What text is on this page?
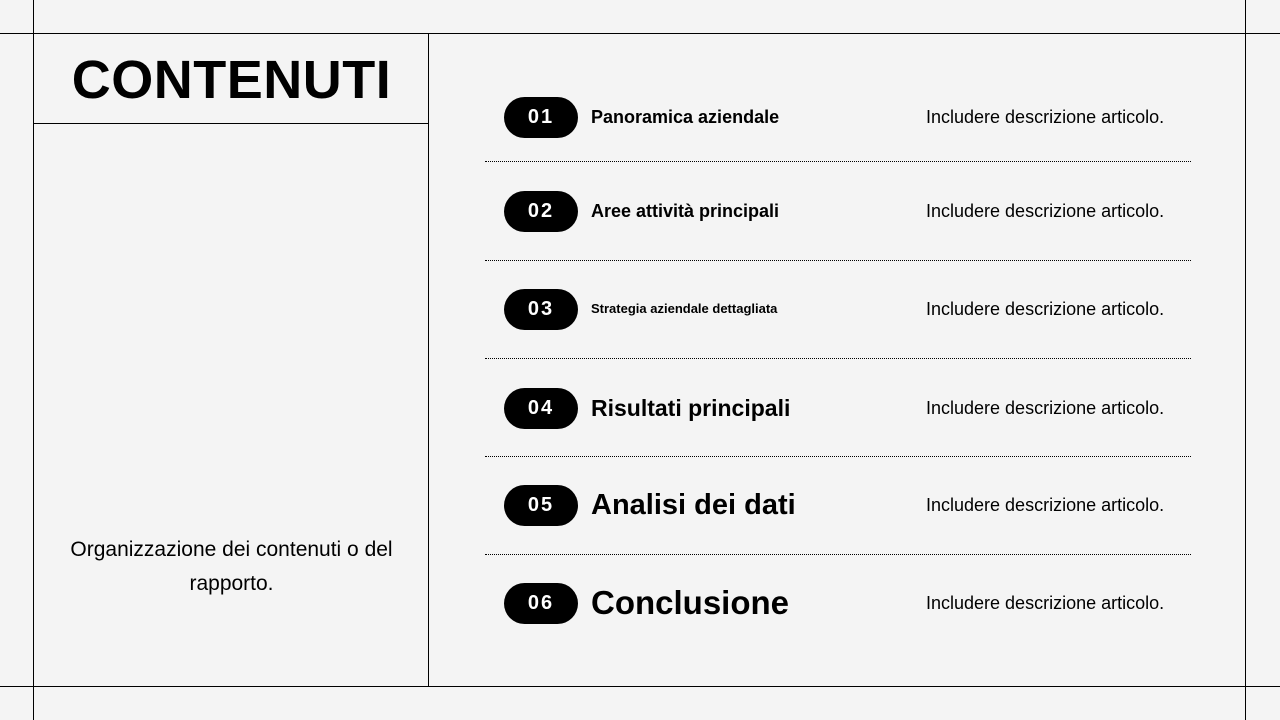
CONTENUTI
Organizzazione dei contenuti o del rapporto.
01	Panoramica aziendale	Includere descrizione articolo.
02	Aree attività principali	Includere descrizione articolo.
03	Strategia aziendale dettagliata	Includere descrizione articolo.
04	Risultati principali	Includere descrizione articolo.
05	Analisi dei dati	Includere descrizione articolo.
06	Conclusione	Includere descrizione articolo.
